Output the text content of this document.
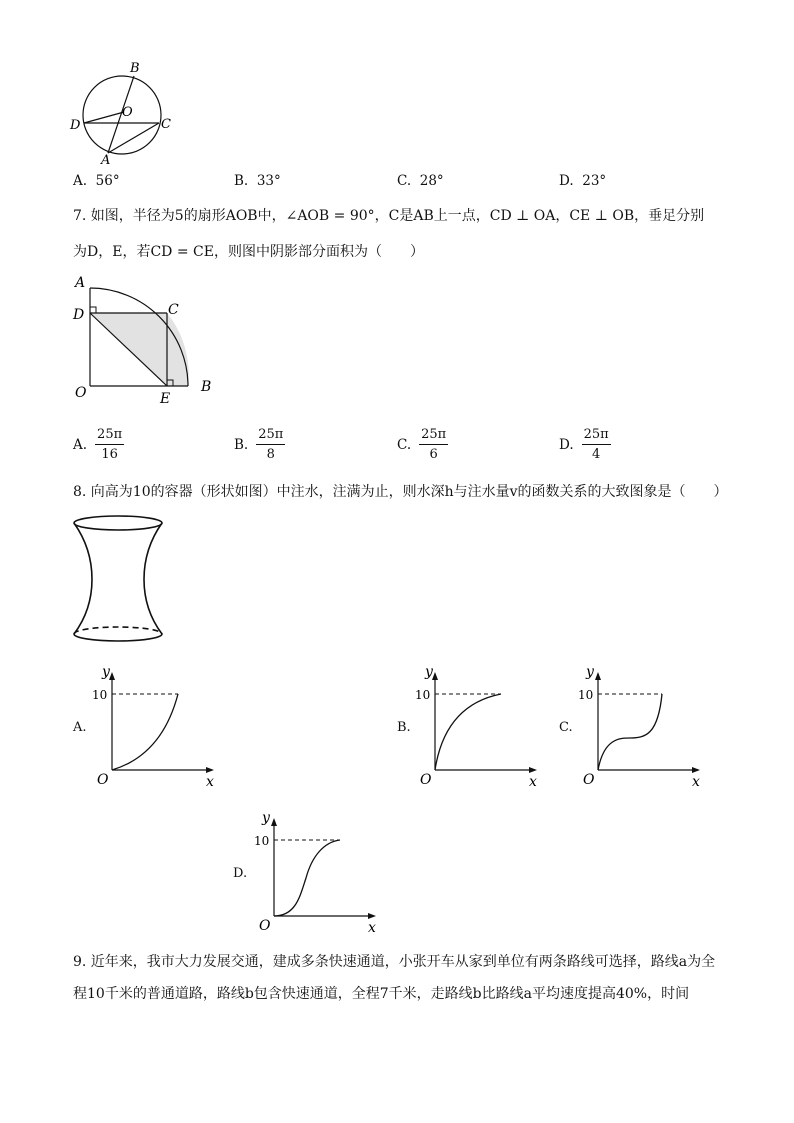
B
O
D	C
A
A. 56°	B. 33°	C. 28°	D. 23°
7. 如图，半径为5的扇形AOB中，∠AOB = 90°，C是AB上一点，CD ⊥ OA，CE ⊥ OB，垂足分别
为D，E，若CD = CE，则图中阴影部分面积为（　　）
A
C
D
O	E
B
A. $\frac{25\pi}{16}$	B. $\frac{25\pi}{8}$	C. $\frac{25\pi}{6}$	D. $\frac{25\pi}{4}$
8. 向高为10的容器（形状如图）中注水，注满为止，则水深h与注水量v的函数关系的大致图象是（　　）
A.
y
10
O	x
B.
y
10
O	x
C.
y
10
O	x
D.
y
10
O	x
9. 近年来，我市大力发展交通，建成多条快速通道，小张开车从家到单位有两条路线可选择，路线a为全
程10千米的普通道路，路线b包含快速通道，全程7千米，走路线b比路线a平均速度提高40%，时间
